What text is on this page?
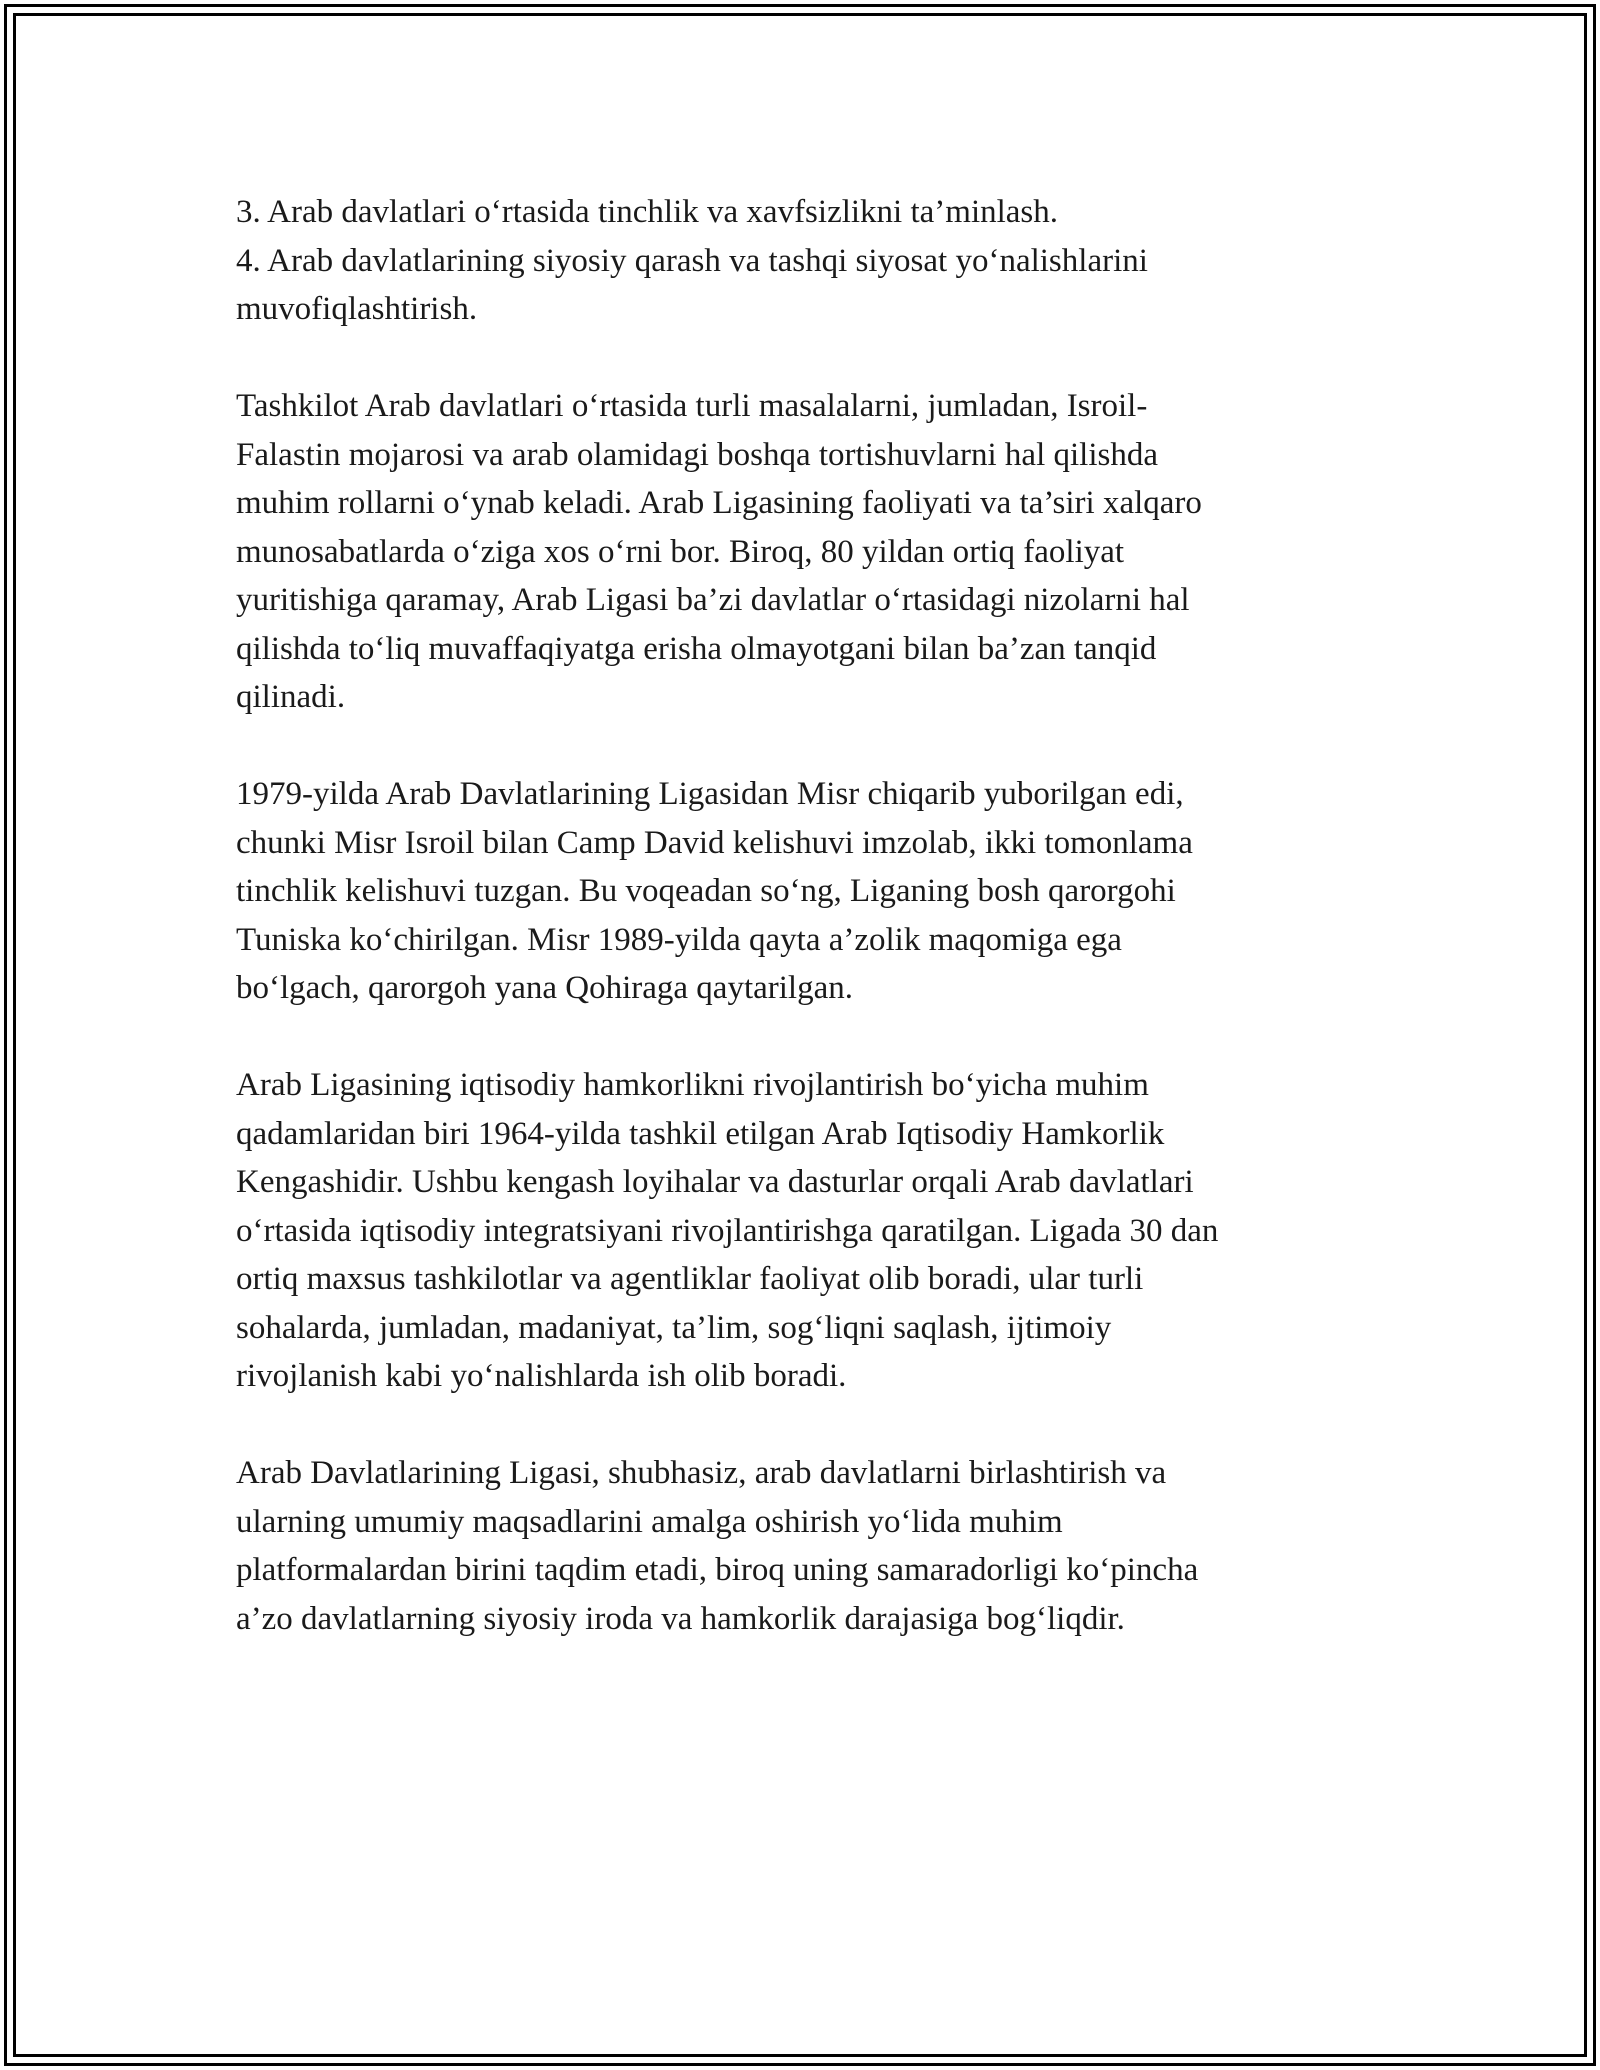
3. Arab davlatlari o‘rtasida tinchlik va xavfsizlikni ta’minlash.

4. Arab davlatlarining siyosiy qarash va tashqi siyosat yo‘nalishlarini

muvofiqlashtirish.

Tashkilot Arab davlatlari o‘rtasida turli masalalarni, jumladan, Isroil-

Falastin mojarosi va arab olamidagi boshqa tortishuvlarni hal qilishda

muhim rollarni o‘ynab keladi. Arab Ligasining faoliyati va ta’siri xalqaro

munosabatlarda o‘ziga xos o‘rni bor. Biroq, 80 yildan ortiq faoliyat

yuritishiga qaramay, Arab Ligasi ba’zi davlatlar o‘rtasidagi nizolarni hal

qilishda to‘liq muvaffaqiyatga erisha olmayotgani bilan ba’zan tanqid

qilinadi.

1979-yilda Arab Davlatlarining Ligasidan Misr chiqarib yuborilgan edi,

chunki Misr Isroil bilan Camp David kelishuvi imzolab, ikki tomonlama

tinchlik kelishuvi tuzgan. Bu voqeadan so‘ng, Liganing bosh qarorgohi

Tuniska ko‘chirilgan. Misr 1989-yilda qayta a’zolik maqomiga ega

bo‘lgach, qarorgoh yana Qohiraga qaytarilgan.

Arab Ligasining iqtisodiy hamkorlikni rivojlantirish bo‘yicha muhim

qadamlaridan biri 1964-yilda tashkil etilgan Arab Iqtisodiy Hamkorlik

Kengashidir. Ushbu kengash loyihalar va dasturlar orqali Arab davlatlari

o‘rtasida iqtisodiy integratsiyani rivojlantirishga qaratilgan. Ligada 30 dan

ortiq maxsus tashkilotlar va agentliklar faoliyat olib boradi, ular turli

sohalarda, jumladan, madaniyat, ta’lim, sog‘liqni saqlash, ijtimoiy

rivojlanish kabi yo‘nalishlarda ish olib boradi.

Arab Davlatlarining Ligasi, shubhasiz, arab davlatlarni birlashtirish va

ularning umumiy maqsadlarini amalga oshirish yo‘lida muhim

platformalardan birini taqdim etadi, biroq uning samaradorligi ko‘pincha

a’zo davlatlarning siyosiy iroda va hamkorlik darajasiga bog‘liqdir.
